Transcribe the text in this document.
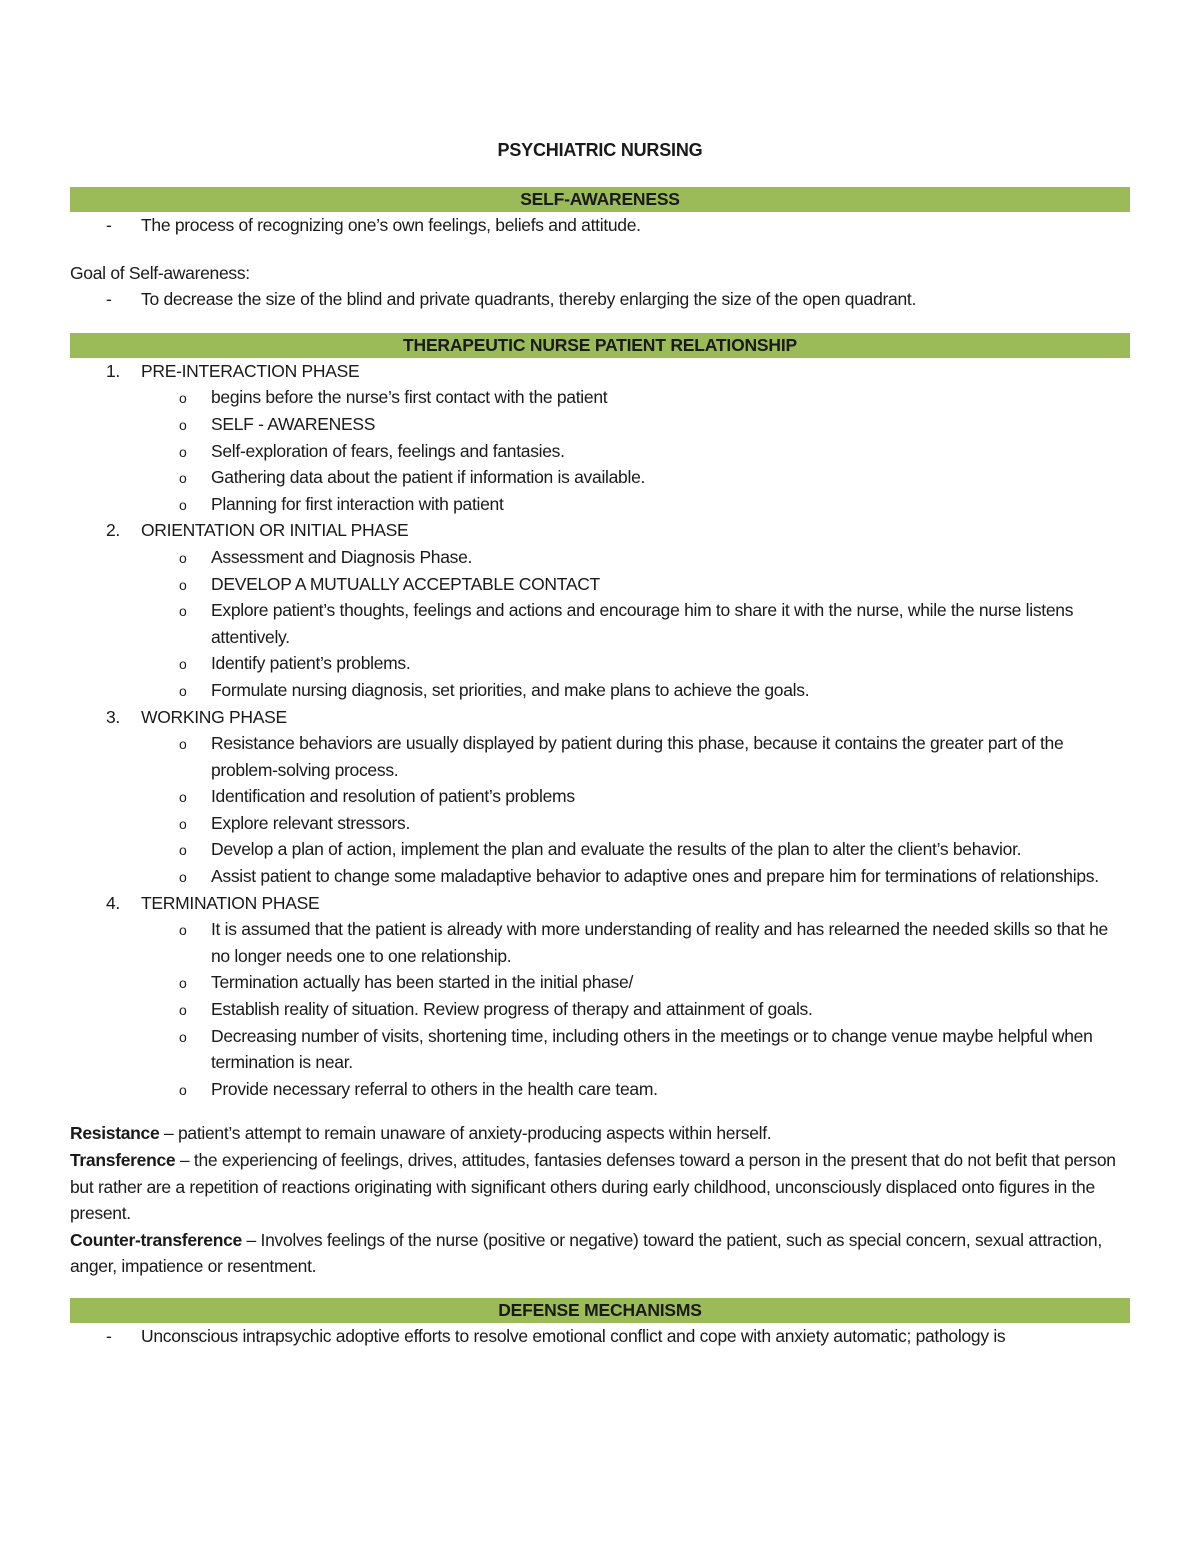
PSYCHIATRIC NURSING
SELF-AWARENESS
- The process of recognizing one’s own feelings, beliefs and attitude.
Goal of Self-awareness:
- To decrease the size of the blind and private quadrants, thereby enlarging the size of the open quadrant.
THERAPEUTIC NURSE PATIENT RELATIONSHIP
1. PRE-INTERACTION PHASE
o begins before the nurse’s first contact with the patient
o SELF - AWARENESS
o Self-exploration of fears, feelings and fantasies.
o Gathering data about the patient if information is available.
o Planning for first interaction with patient
2. ORIENTATION OR INITIAL PHASE
o Assessment and Diagnosis Phase.
o DEVELOP A MUTUALLY ACCEPTABLE CONTACT
o Explore patient’s thoughts, feelings and actions and encourage him to share it with the nurse, while the nurse listens attentively.
o Identify patient’s problems.
o Formulate nursing diagnosis, set priorities, and make plans to achieve the goals.
3. WORKING PHASE
o Resistance behaviors are usually displayed by patient during this phase, because it contains the greater part of the problem-solving process.
o Identification and resolution of patient’s problems
o Explore relevant stressors.
o Develop a plan of action, implement the plan and evaluate the results of the plan to alter the client’s behavior.
o Assist patient to change some maladaptive behavior to adaptive ones and prepare him for terminations of relationships.
4. TERMINATION PHASE
o It is assumed that the patient is already with more understanding of reality and has relearned the needed skills so that he no longer needs one to one relationship.
o Termination actually has been started in the initial phase/
o Establish reality of situation. Review progress of therapy and attainment of goals.
o Decreasing number of visits, shortening time, including others in the meetings or to change venue maybe helpful when termination is near.
o Provide necessary referral to others in the health care team.
Resistance – patient’s attempt to remain unaware of anxiety-producing aspects within herself.
Transference – the experiencing of feelings, drives, attitudes, fantasies defenses toward a person in the present that do not befit that person but rather are a repetition of reactions originating with significant others during early childhood, unconsciously displaced onto figures in the present.
Counter-transference – Involves feelings of the nurse (positive or negative) toward the patient, such as special concern, sexual attraction, anger, impatience or resentment.
DEFENSE MECHANISMS
- Unconscious intrapsychic adoptive efforts to resolve emotional conflict and cope with anxiety automatic; pathology is
